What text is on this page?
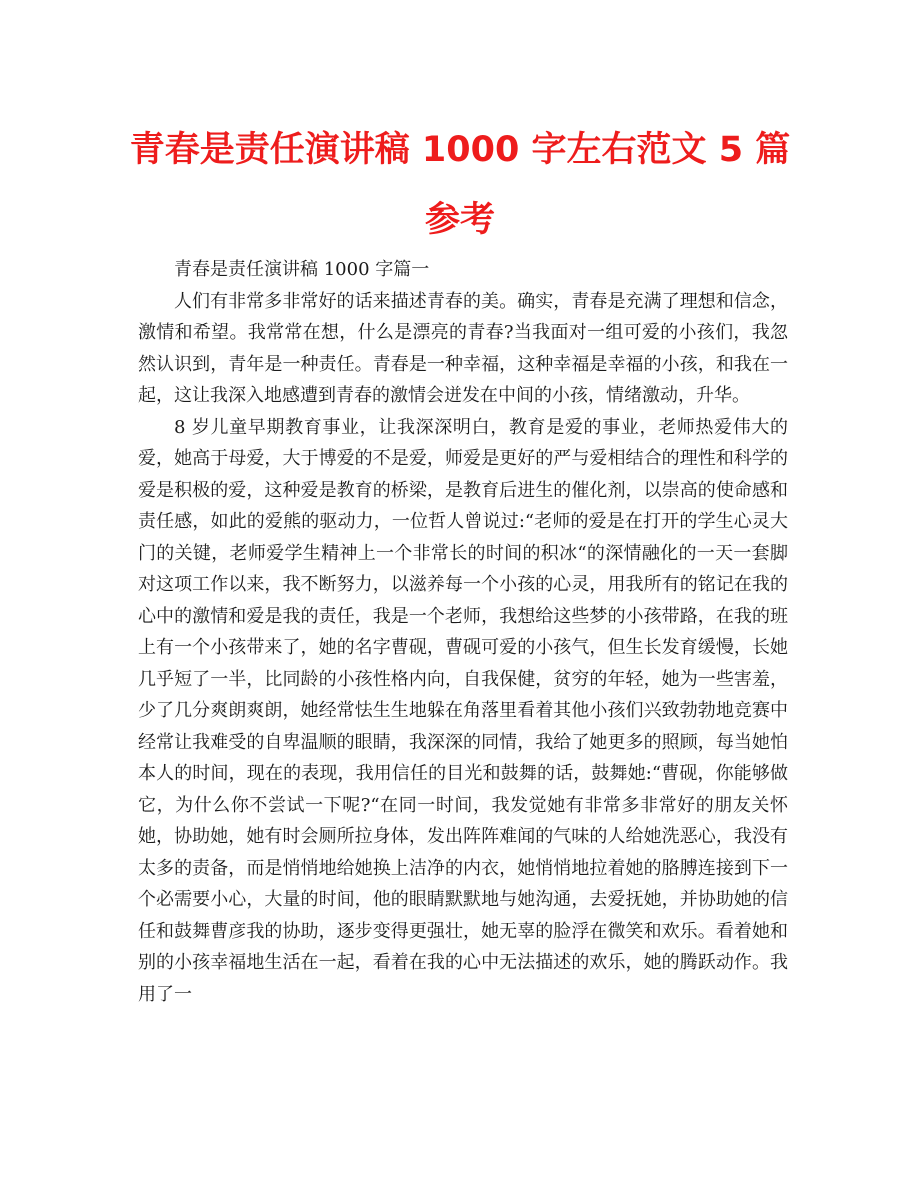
青春是责任演讲稿 1000 字左右范文 5 篇
参考

青春是责任演讲稿 1000 字篇一

人们有非常多非常好的话来描述青春的美。确实，青春是充满了理想和信念，激情和希望。我常常在想，什么是漂亮的青春?当我面对一组可爱的小孩们，我忽然认识到，青年是一种责任。青春是一种幸福，这种幸福是幸福的小孩，和我在一起，这让我深入地感遭到青春的激情会迸发在中间的小孩，情绪激动，升华。

8 岁儿童早期教育事业，让我深深明白，教育是爱的事业，老师热爱伟大的爱，她高于母爱，大于博爱的不是爱，师爱是更好的严与爱相结合的理性和科学的爱是积极的爱，这种爱是教育的桥梁，是教育后进生的催化剂，以崇高的使命感和责任感，如此的爱熊的驱动力，一位哲人曾说过:“老师的爱是在打开的学生心灵大门的关键，老师爱学生精神上一个非常长的时间的积冰“的深情融化的一天一套脚对这项工作以来，我不断努力，以滋养每一个小孩的心灵，用我所有的铭记在我的心中的激情和爱是我的责任，我是一个老师，我想给这些梦的小孩带路，在我的班上有一个小孩带来了，她的名字曹砚，曹砚可爱的小孩气，但生长发育缓慢，长她几乎短了一半，比同龄的小孩性格内向，自我保健，贫穷的年轻，她为一些害羞，少了几分爽朗爽朗，她经常怯生生地躲在角落里看着其他小孩们兴致勃勃地竞赛中经常让我难受的自卑温顺的眼睛，我深深的同情，我给了她更多的照顾，每当她怕本人的时间，现在的表现，我用信任的目光和鼓舞的话，鼓舞她:“曹砚，你能够做它，为什么你不尝试一下呢?“在同一时间，我发觉她有非常多非常好的朋友关怀她，协助她，她有时会厕所拉身体，发出阵阵难闻的气味的人给她洗恶心，我没有太多的责备，而是悄悄地给她换上洁净的内衣，她悄悄地拉着她的胳膊连接到下一个必需要小心，大量的时间，他的眼睛默默地与她沟通，去爱抚她，并协助她的信任和鼓舞曹彦我的协助，逐步变得更强壮，她无辜的脸浮在微笑和欢乐。看着她和别的小孩幸福地生活在一起，看着在我的心中无法描述的欢乐，她的腾跃动作。我用了一
